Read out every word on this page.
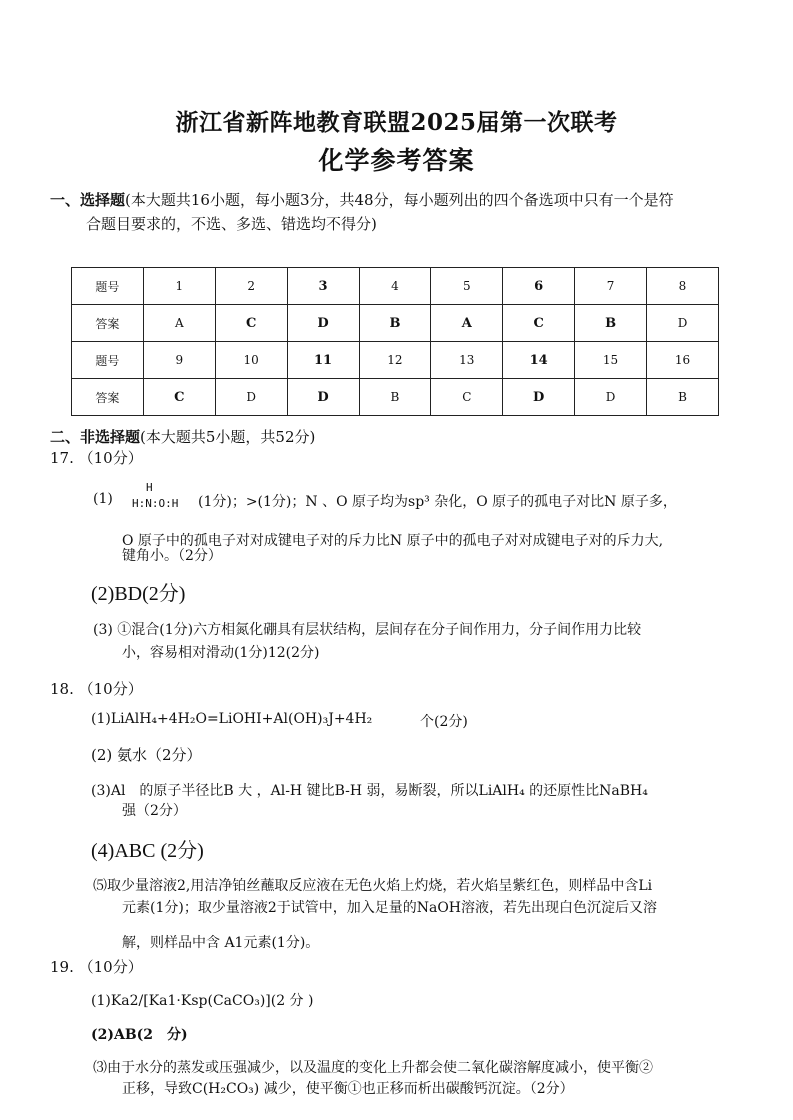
浙江省新阵地教育联盟2025届第一次联考
化学参考答案
一、选择题(本大题共16小题，每小题3分，共48分，每小题列出的四个备选项中只有一个是符
合题目要求的，不选、多选、错选均不得分)
题号	1	2	3	4	5	6	7	8
答案	A	C	D	B	A	C	B	D
题号	9	10	11	12	13	14	15	16
答案	C	D	D	B	C	D	D	B
二、非选择题(本大题共5小题，共52分)
17. （10分）
(1)
H
H:N:O:H (1分)；>(1分)；N 、O 原子均为sp³ 杂化，O 原子的孤电子对比N 原子多，
O 原子中的孤电子对对成键电子对的斥力比N 原子中的孤电子对对成键电子对的斥力大,
键角小。（2分）
(2)BD(2分)
(3) ①混合(1分)六方相氮化硼具有层状结构，层间存在分子间作用力，分子间作用力比较
小，容易相对滑动(1分)12(2分)
18. （10分）
(1)LiAlH₄+4H₂O=LiOHI+Al(OH)₃J+4H₂	个(2分)
(2) 氨水（2分）
(3)Al　的原子半径比B 大 ，Al-H 键比B-H 弱，易断裂，所以LiAlH₄ 的还原性比NaBH₄
强（2分）
(4)ABC (2分)
⑸取少量溶液2,用洁净铂丝蘸取反应液在无色火焰上灼烧，若火焰呈紫红色，则样品中含Li
元素(1分)；取少量溶液2于试管中，加入足量的NaOH溶液，若先出现白色沉淀后又溶
解，则样品中含 A1元素(1分)。
19. （10分）
(1)Ka2/[Ka1·Ksp(CaCO₃)](2 分 )
(2)AB(2　分)
⑶由于水分的蒸发或压强减少，以及温度的变化上升都会使二氧化碳溶解度减小，使平衡②
正移，导致C(H₂CO₃) 减少，使平衡①也正移而析出碳酸钙沉淀。（2分）
